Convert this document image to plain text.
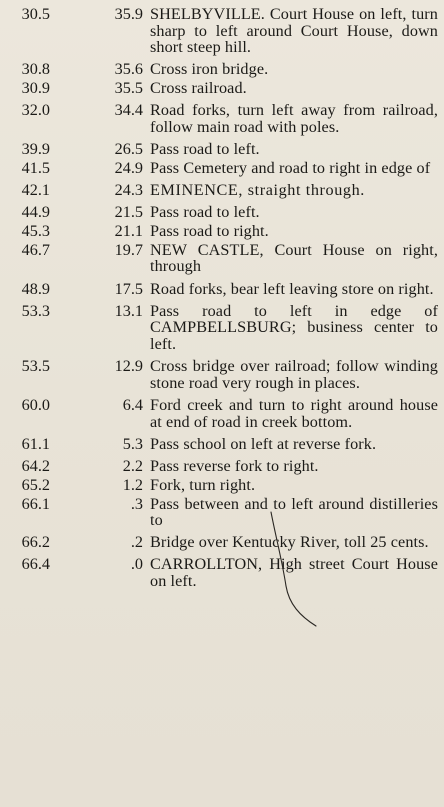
30.5	35.9	SHELBYVILLE. Court House on left, turn sharp to left around Court House, down short steep hill.
30.8	35.6	Cross iron bridge.
30.9	35.5	Cross railroad.
32.0	34.4	Road forks, turn left away from railroad, follow main road with poles.
39.9	26.5	Pass road to left.
41.5	24.9	Pass Cemetery and road to right in edge of
42.1	24.3	EMINENCE, straight through.
44.9	21.5	Pass road to left.
45.3	21.1	Pass road to right.
46.7	19.7	NEW CASTLE, Court House on right, through
48.9	17.5	Road forks, bear left leaving store on right.
53.3	13.1	Pass road to left in edge of CAMPBELLSBURG; business center to left.
53.5	12.9	Cross bridge over railroad; follow winding stone road very rough in places.
60.0	6.4	Ford creek and turn to right around house at end of road in creek bottom.
61.1	5.3	Pass school on left at reverse fork.
64.2	2.2	Pass reverse fork to right.
65.2	1.2	Fork, turn right.
66.1	.3	Pass between and to left around distilleries to
66.2	.2	Bridge over Kentucky River, toll 25 cents.
66.4	.0	CARROLLTON, High street Court House on left.
